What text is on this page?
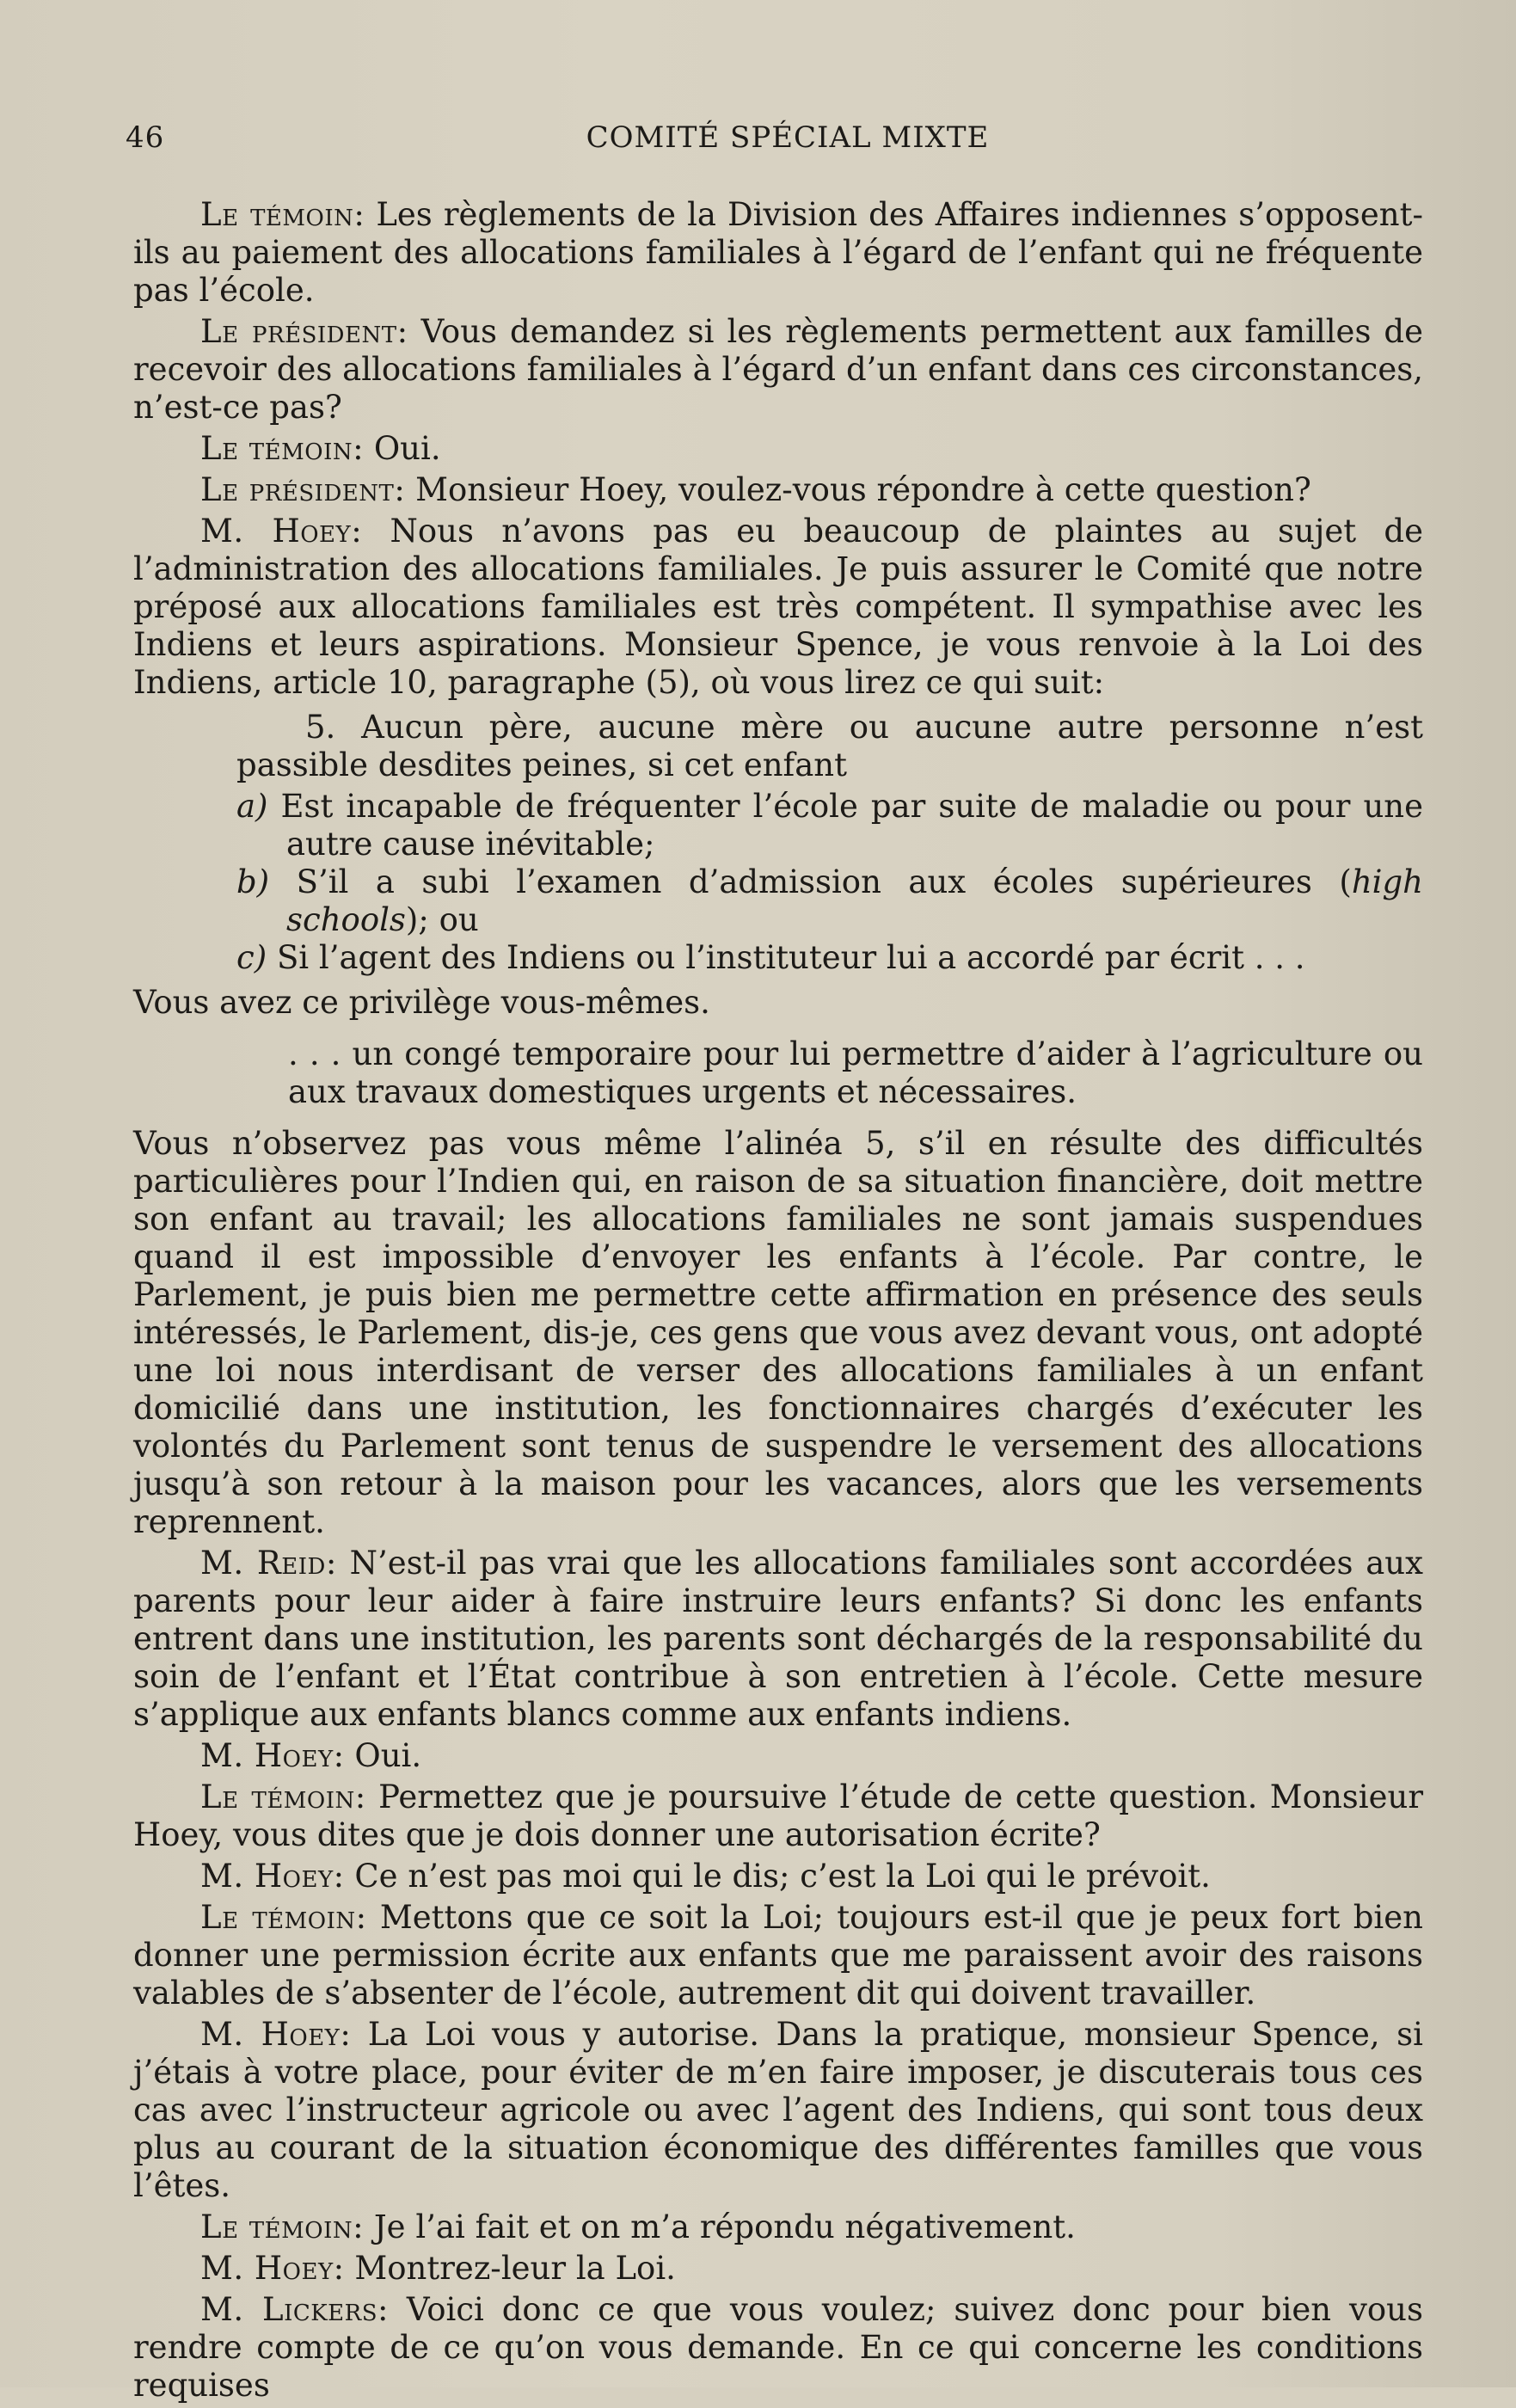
46	COMITÉ SPÉCIAL MIXTE

Le témoin: Les règlements de la Division des Affaires indiennes s’opposent-ils au paiement des allocations familiales à l’égard de l’enfant qui ne fréquente pas l’école.

Le président: Vous demandez si les règlements permettent aux familles de recevoir des allocations familiales à l’égard d’un enfant dans ces circonstances, n’est-ce pas?

Le témoin: Oui.

Le président: Monsieur Hoey, voulez-vous répondre à cette question?

M. Hoey: Nous n’avons pas eu beaucoup de plaintes au sujet de l’administration des allocations familiales. Je puis assurer le Comité que notre préposé aux allocations familiales est très compétent. Il sympathise avec les Indiens et leurs aspirations. Monsieur Spence, je vous renvoie à la Loi des Indiens, article 10, paragraphe (5), où vous lirez ce qui suit:

5. Aucun père, aucune mère ou aucune autre personne n’est passible desdites peines, si cet enfant

a) Est incapable de fréquenter l’école par suite de maladie ou pour une autre cause inévitable;

b) S’il a subi l’examen d’admission aux écoles supérieures (high schools); ou

c) Si l’agent des Indiens ou l’instituteur lui a accordé par écrit . . .

Vous avez ce privilège vous-mêmes.

. . . un congé temporaire pour lui permettre d’aider à l’agriculture ou aux travaux domestiques urgents et nécessaires.

Vous n’observez pas vous même l’alinéa 5, s’il en résulte des difficultés particulières pour l’Indien qui, en raison de sa situation financière, doit mettre son enfant au travail; les allocations familiales ne sont jamais suspendues quand il est impossible d’envoyer les enfants à l’école. Par contre, le Parlement, je puis bien me permettre cette affirmation en présence des seuls intéressés, le Parlement, dis-je, ces gens que vous avez devant vous, ont adopté une loi nous interdisant de verser des allocations familiales à un enfant domicilié dans une institution, les fonctionnaires chargés d’exécuter les volontés du Parlement sont tenus de suspendre le versement des allocations jusqu’à son retour à la maison pour les vacances, alors que les versements reprennent.

M. Reid: N’est-il pas vrai que les allocations familiales sont accordées aux parents pour leur aider à faire instruire leurs enfants? Si donc les enfants entrent dans une institution, les parents sont déchargés de la responsabilité du soin de l’enfant et l’État contribue à son entretien à l’école. Cette mesure s’applique aux enfants blancs comme aux enfants indiens.

M. Hoey: Oui.

Le témoin: Permettez que je poursuive l’étude de cette question. Monsieur Hoey, vous dites que je dois donner une autorisation écrite?

M. Hoey: Ce n’est pas moi qui le dis; c’est la Loi qui le prévoit.

Le témoin: Mettons que ce soit la Loi; toujours est-il que je peux fort bien donner une permission écrite aux enfants que me paraissent avoir des raisons valables de s’absenter de l’école, autrement dit qui doivent travailler.

M. Hoey: La Loi vous y autorise. Dans la pratique, monsieur Spence, si j’étais à votre place, pour éviter de m’en faire imposer, je discuterais tous ces cas avec l’instructeur agricole ou avec l’agent des Indiens, qui sont tous deux plus au courant de la situation économique des différentes familles que vous l’êtes.

Le témoin: Je l’ai fait et on m’a répondu négativement.

M. Hoey: Montrez-leur la Loi.

M. Lickers: Voici donc ce que vous voulez; suivez donc pour bien vous rendre compte de ce qu’on vous demande. En ce qui concerne les conditions requises
